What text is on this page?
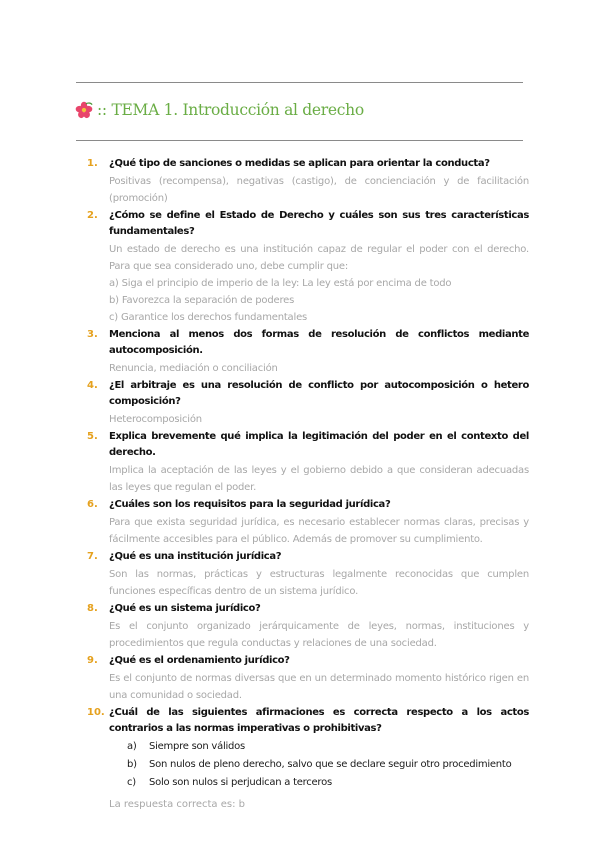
:: TEMA 1. Introducción al derecho
1. ¿Qué tipo de sanciones o medidas se aplican para orientar la conducta?

Positivas (recompensa), negativas (castigo), de concienciación y de facilitación (promoción)

2. ¿Cómo se define el Estado de Derecho y cuáles son sus tres características fundamentales?

Un estado de derecho es una institución capaz de regular el poder con el derecho. Para que sea considerado uno, debe cumplir que:

a) Siga el principio de imperio de la ley: La ley está por encima de todo

b) Favorezca la separación de poderes

c) Garantice los derechos fundamentales

3. Menciona al menos dos formas de resolución de conflictos mediante autocomposición.

Renuncia, mediación o conciliación

4. ¿El arbitraje es una resolución de conflicto por autocomposición o hetero composición?

Heterocomposición

5. Explica brevemente qué implica la legitimación del poder en el contexto del derecho.

Implica la aceptación de las leyes y el gobierno debido a que consideran adecuadas las leyes que regulan el poder.

6. ¿Cuáles son los requisitos para la seguridad jurídica?

Para que exista seguridad jurídica, es necesario establecer normas claras, precisas y fácilmente accesibles para el público. Además de promover su cumplimiento.

7. ¿Qué es una institución jurídica?

Son las normas, prácticas y estructuras legalmente reconocidas que cumplen funciones específicas dentro de un sistema jurídico.

8. ¿Qué es un sistema jurídico?

Es el conjunto organizado jerárquicamente de leyes, normas, instituciones y procedimientos que regula conductas y relaciones de una sociedad.

9. ¿Qué es el ordenamiento jurídico?

Es el conjunto de normas diversas que en un determinado momento histórico rigen en una comunidad o sociedad.

10. ¿Cuál de las siguientes afirmaciones es correcta respecto a los actos contrarios a las normas imperativas o prohibitivas?
a) Siempre son válidos
b) Son nulos de pleno derecho, salvo que se declare seguir otro procedimiento
c) Solo son nulos si perjudican a terceros
La respuesta correcta es: b
